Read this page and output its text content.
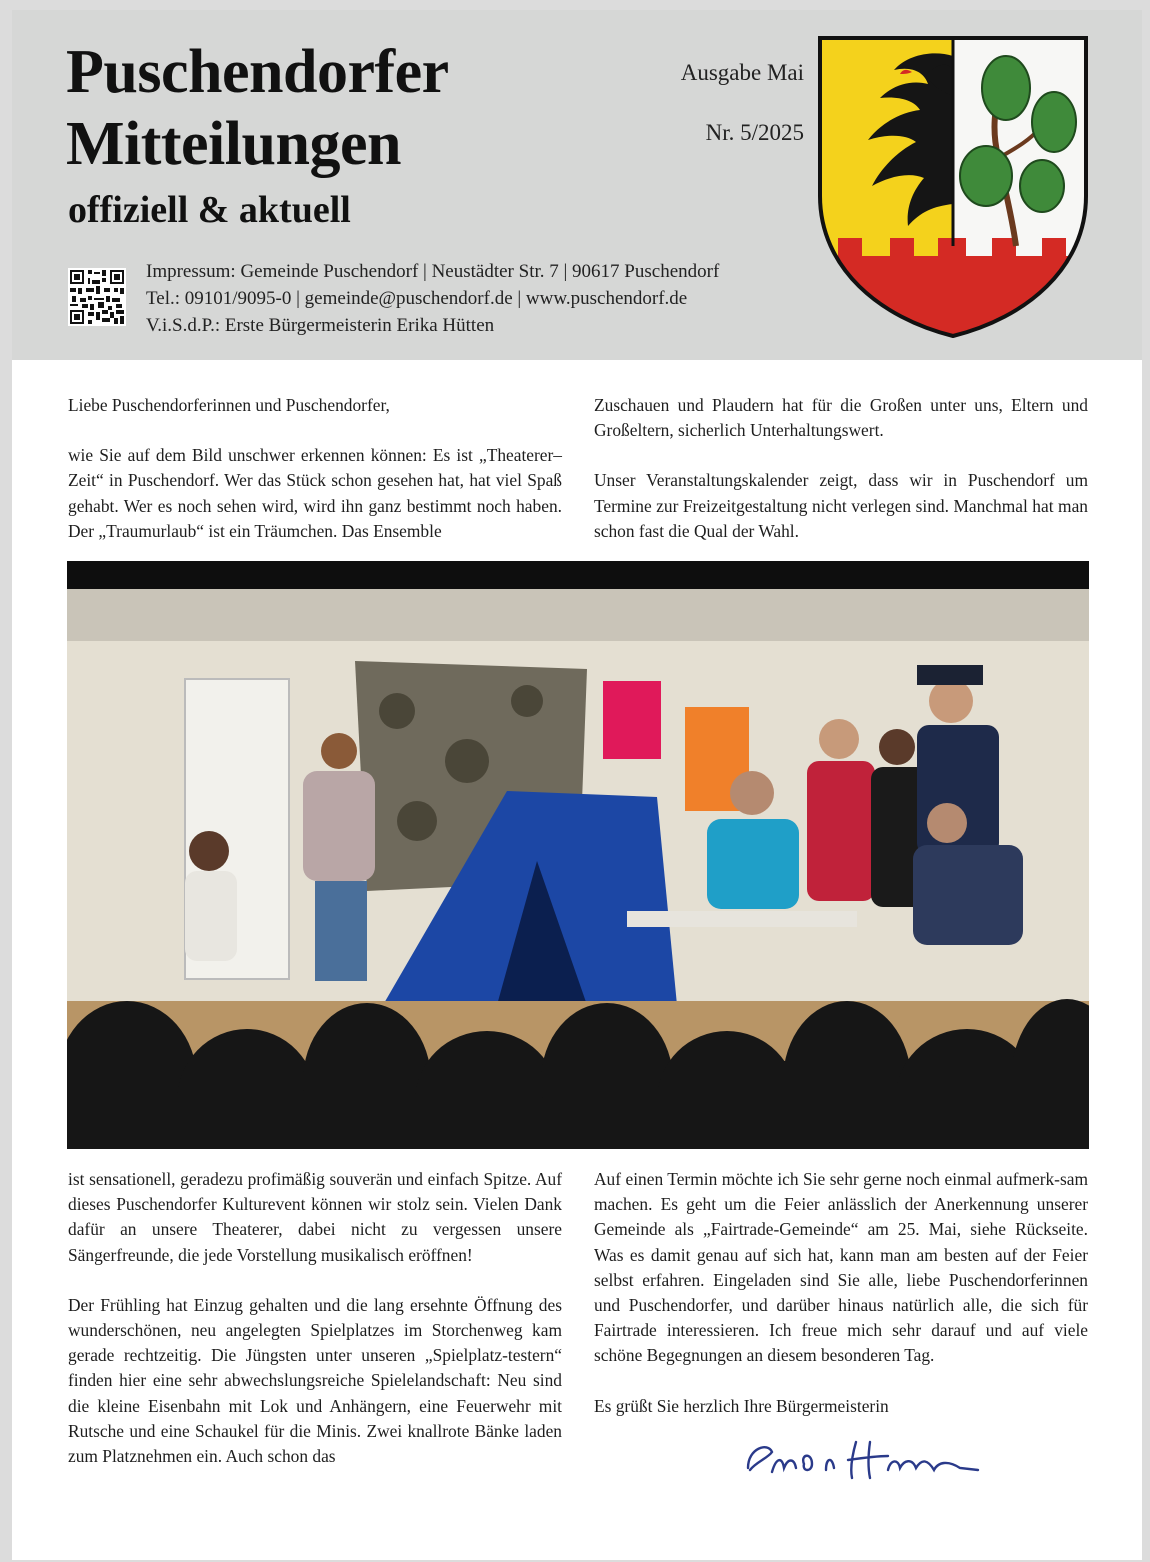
Puschendorfer
Mitteilungen
offiziell & aktuell
Ausgabe Mai
Nr. 5/2025
Impressum: Gemeinde Puschendorf | Neustädter Str. 7 | 90617 Puschendorf
Tel.: 09101/9095-0 | gemeinde@puschendorf.de | www.puschendorf.de
V.i.S.d.P.: Erste Bürgermeisterin Erika Hütten

Liebe Puschendorferinnen und Puschendorfer,

wie Sie auf dem Bild unschwer erkennen können: Es ist „Theaterer–Zeit“ in Puschendorf. Wer das Stück schon gesehen hat, hat viel Spaß gehabt. Wer es noch sehen wird, wird ihn ganz bestimmt noch haben. Der „Traumurlaub“ ist ein Träumchen. Das Ensemble

Zuschauen und Plaudern hat für die Großen unter uns, Eltern und Großeltern, sicherlich Unterhaltungswert.

Unser Veranstaltungskalender zeigt, dass wir in Puschendorf um Termine zur Freizeitgestaltung nicht verlegen sind. Manchmal hat man schon fast die Qual der Wahl.

ist sensationell, geradezu profimäßig souverän und einfach Spitze. Auf dieses Puschendorfer Kulturevent können wir stolz sein. Vielen Dank dafür an unsere Theaterer, dabei nicht zu vergessen unsere Sängerfreunde, die jede Vorstellung musikalisch eröffnen!

Der Frühling hat Einzug gehalten und die lang ersehnte Öffnung des wunderschönen, neu angelegten Spielplatzes im Storchenweg kam gerade rechtzeitig. Die Jüngsten unter unseren „Spielplatz-testern“ finden hier eine sehr abwechslungsreiche Spielelandschaft: Neu sind die kleine Eisenbahn mit Lok und Anhängern, eine Feuerwehr mit Rutsche und eine Schaukel für die Minis. Zwei knallrote Bänke laden zum Platznehmen ein. Auch schon das

Auf einen Termin möchte ich Sie sehr gerne noch einmal aufmerk-sam machen. Es geht um die Feier anlässlich der Anerkennung unserer Gemeinde als „Fairtrade-Gemeinde“ am 25. Mai, siehe Rückseite. Was es damit genau auf sich hat, kann man am besten auf der Feier selbst erfahren. Eingeladen sind Sie alle, liebe Puschendorferinnen und Puschendorfer, und darüber hinaus natürlich alle, die sich für Fairtrade interessieren. Ich freue mich sehr darauf und auf viele schöne Begegnungen an diesem besonderen Tag.

Es grüßt Sie herzlich Ihre Bürgermeisterin
